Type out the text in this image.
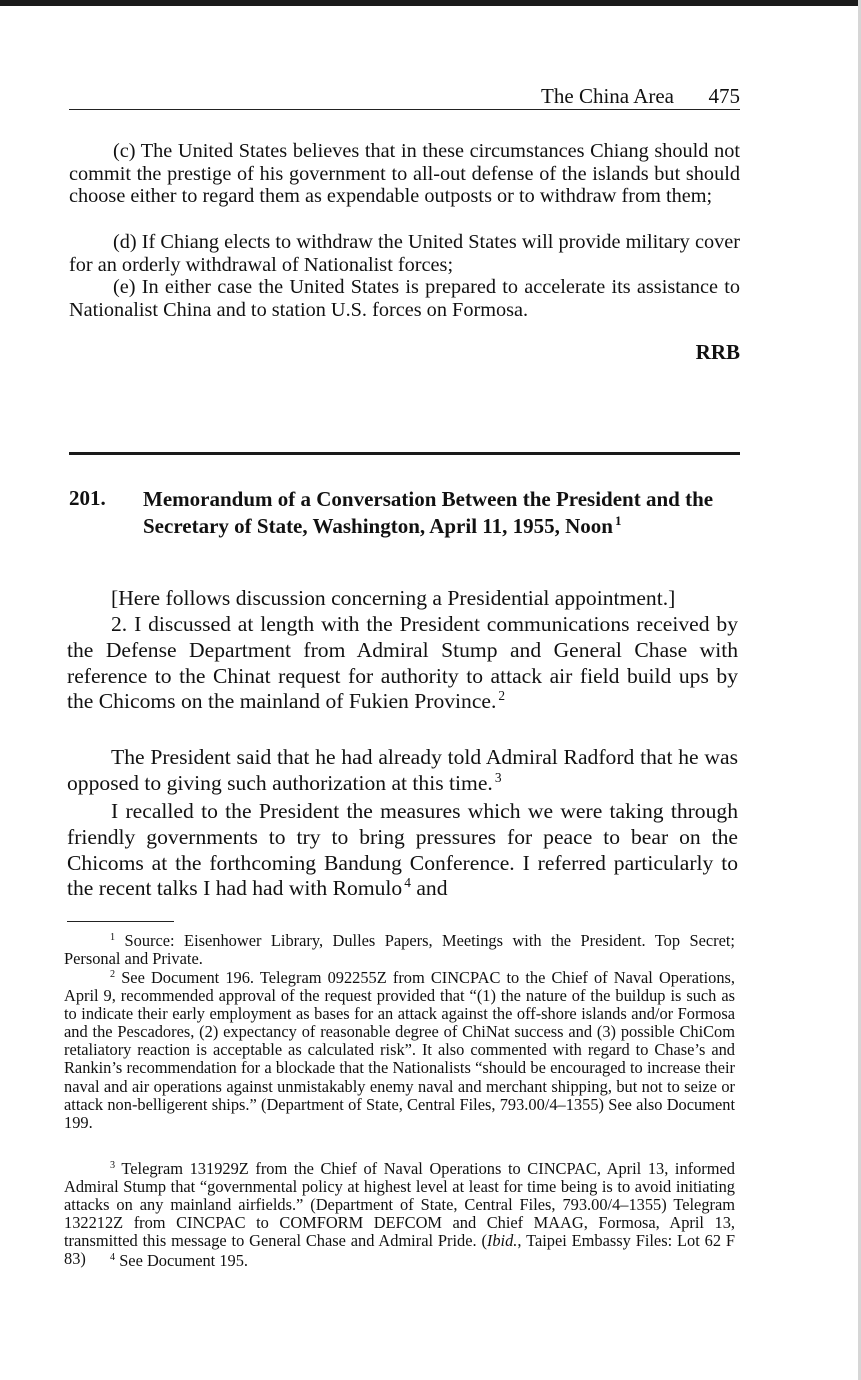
The China Area 475

(c) The United States believes that in these circumstances Chiang should not commit the prestige of his government to all-out defense of the islands but should choose either to regard them as expendable outposts or to withdraw from them;

(d) If Chiang elects to withdraw the United States will provide military cover for an orderly withdrawal of Nationalist forces;

(e) In either case the United States is prepared to accelerate its assistance to Nationalist China and to station U.S. forces on Formosa.

RRB
201. Memorandum of a Conversation Between the President and the Secretary of State, Washington, April 11, 1955, Noon $^1$

[Here follows discussion concerning a Presidential appointment.]

2. I discussed at length with the President communications received by the Defense Department from Admiral Stump and General Chase with reference to the Chinat request for authority to attack air field build ups by the Chicoms on the mainland of Fukien Province. $^2$

The President said that he had already told Admiral Radford that he was opposed to giving such authorization at this time. $^3$

I recalled to the President the measures which we were taking through friendly governments to try to bring pressures for peace to bear on the Chicoms at the forthcoming Bandung Conference. I referred particularly to the recent talks I had had with Romulo $^4$ and

$^1$ Source: Eisenhower Library, Dulles Papers, Meetings with the President. Top Secret; Personal and Private.

$^2$ See Document 196. Telegram 092255Z from CINCPAC to the Chief of Naval Operations, April 9, recommended approval of the request provided that “(1) the nature of the buildup is such as to indicate their early employment as bases for an attack against the off-shore islands and/or Formosa and the Pescadores, (2) expectancy of reasonable degree of ChiNat success and (3) possible ChiCom retaliatory reaction is acceptable as calculated risk”. It also commented with regard to Chase’s and Rankin’s recommendation for a blockade that the Nationalists “should be encouraged to increase their naval and air operations against unmistakably enemy naval and merchant shipping, but not to seize or attack non-belligerent ships.” (Department of State, Central Files, 793.00/4–1355) See also Document 199.

$^3$ Telegram 131929Z from the Chief of Naval Operations to CINCPAC, April 13, informed Admiral Stump that “governmental policy at highest level at least for time being is to avoid initiating attacks on any mainland airfields.” (Department of State, Central Files, 793.00/4–1355) Telegram 132212Z from CINCPAC to COMFORM DEFCOM and Chief MAAG, Formosa, April 13, transmitted this message to General Chase and Admiral Pride. (Ibid., Taipei Embassy Files: Lot 62 F 83)	$^4$ See Document 195.
